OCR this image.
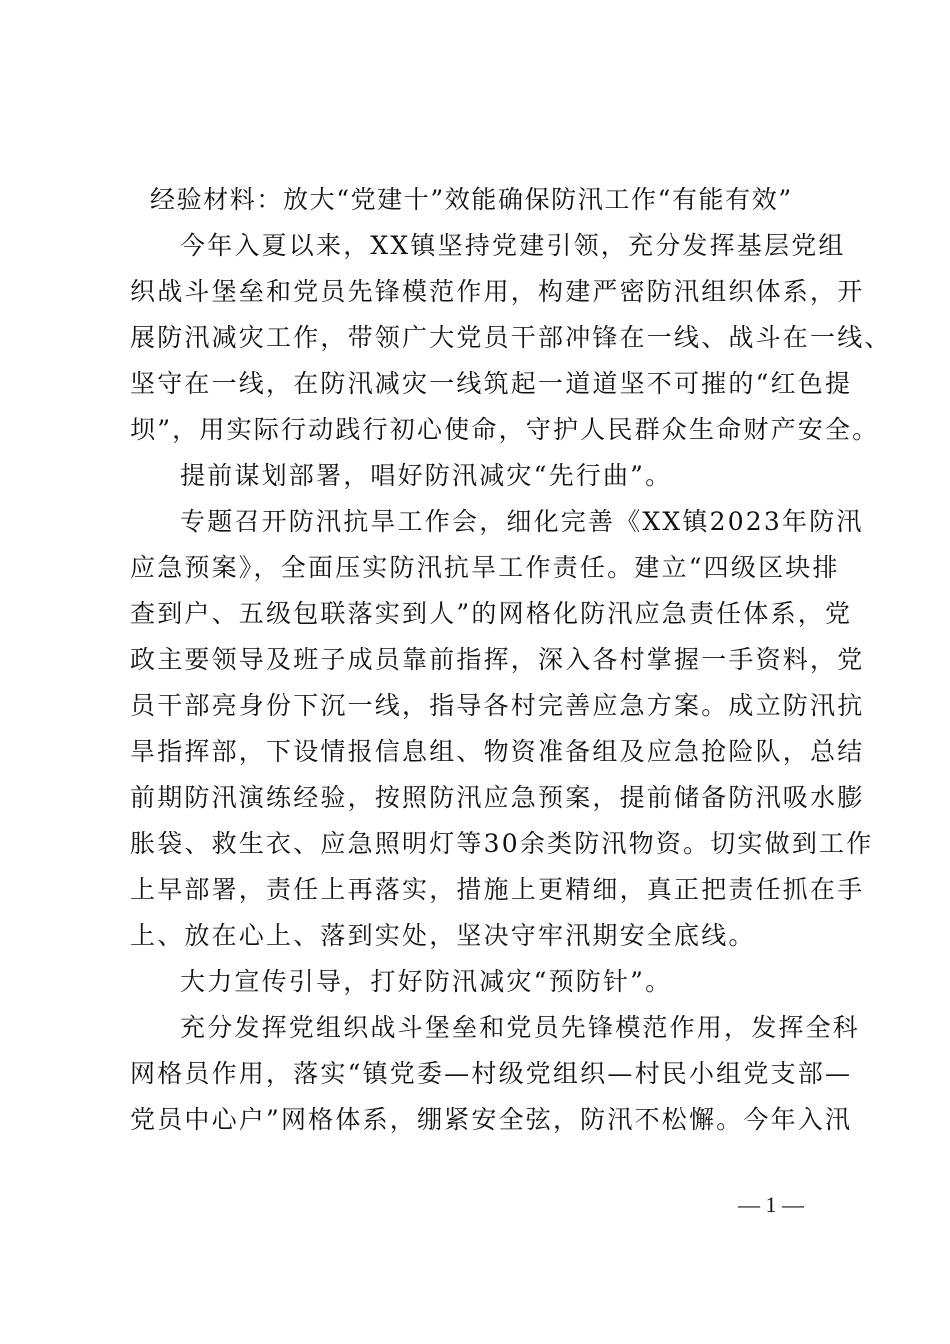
经验材料：放大“党建十”效能确保防汛工作“有能有效”
今年入夏以来，XX镇坚持党建引领，充分发挥基层党组
织战斗堡垒和党员先锋模范作用，构建严密防汛组织体系，开
展防汛减灾工作，带领广大党员干部冲锋在一线、战斗在一线、
坚守在一线，在防汛减灾一线筑起一道道坚不可摧的“红色提
坝”，用实际行动践行初心使命，守护人民群众生命财产安全。
提前谋划部署，唱好防汛减灾“先行曲”。
专题召开防汛抗旱工作会，细化完善《XX镇2023年防汛
应急预案》，全面压实防汛抗旱工作责任。建立“四级区块排
查到户、五级包联落实到人”的网格化防汛应急责任体系，党
政主要领导及班子成员靠前指挥，深入各村掌握一手资料，党
员干部亮身份下沉一线，指导各村完善应急方案。成立防汛抗
旱指挥部，下设情报信息组、物资准备组及应急抢险队，总结
前期防汛演练经验，按照防汛应急预案，提前储备防汛吸水膨
胀袋、救生衣、应急照明灯等30余类防汛物资。切实做到工作
上早部署，责任上再落实，措施上更精细，真正把责任抓在手
上、放在心上、落到实处，坚决守牢汛期安全底线。
大力宣传引导，打好防汛减灾“预防针”。
充分发挥党组织战斗堡垒和党员先锋模范作用，发挥全科
网格员作用，落实“镇党委—村级党组织—村民小组党支部—
党员中心户”网格体系，绷紧安全弦，防汛不松懈。今年入汛
— 1 —
